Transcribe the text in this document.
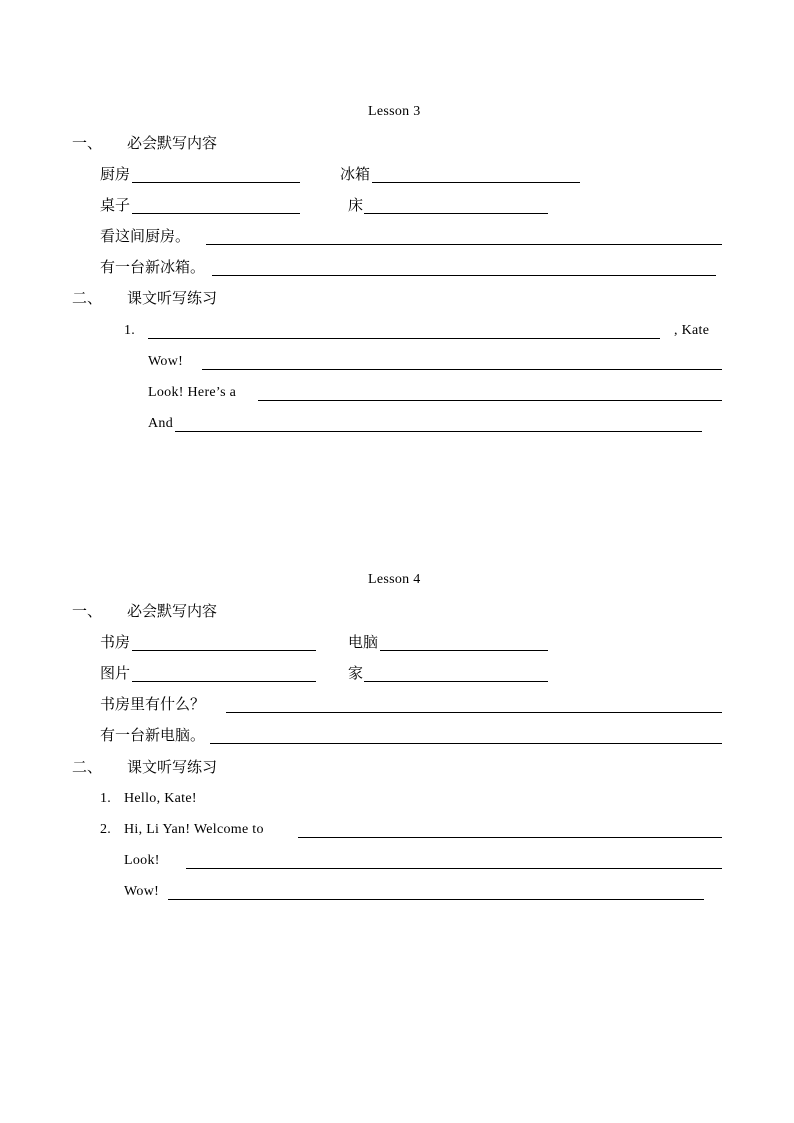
Lesson 3
一、 必会默写内容
厨房	冰箱
桌子	床
看这间厨房。
有一台新冰箱。
二、 课文听写练习
1.	, Kate
Wow!
Look! Here’s a
And
Lesson 4
一、 必会默写内容
书房	电脑
图片	家
书房里有什么？
有一台新电脑。
二、 课文听写练习
1. Hello, Kate!
2. Hi, Li Yan! Welcome to
Look!
Wow!
